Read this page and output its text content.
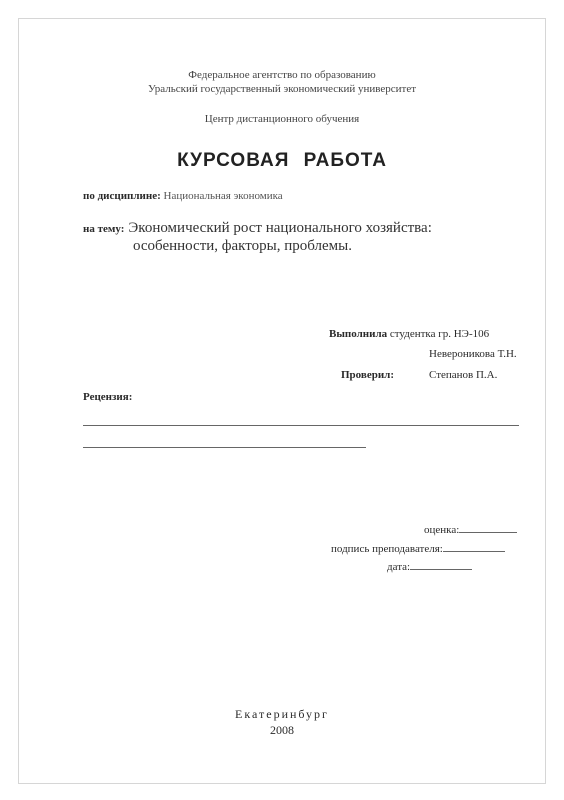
Федеральное агентство по образованию
Уральский государственный экономический университет
Центр дистанционного обучения
КУРСОВАЯ РАБОТА
по дисциплине: Национальная экономика
на тему: Экономический рост национального хозяйства:
особенности, факторы, проблемы.
Выполнила студентка гр. НЭ-106
Невероникова Т.Н.
Проверил:	Степанов П.А.
Рецензия:
оценка:
подпись преподавателя:
дата:
Екатеринбург
2008
